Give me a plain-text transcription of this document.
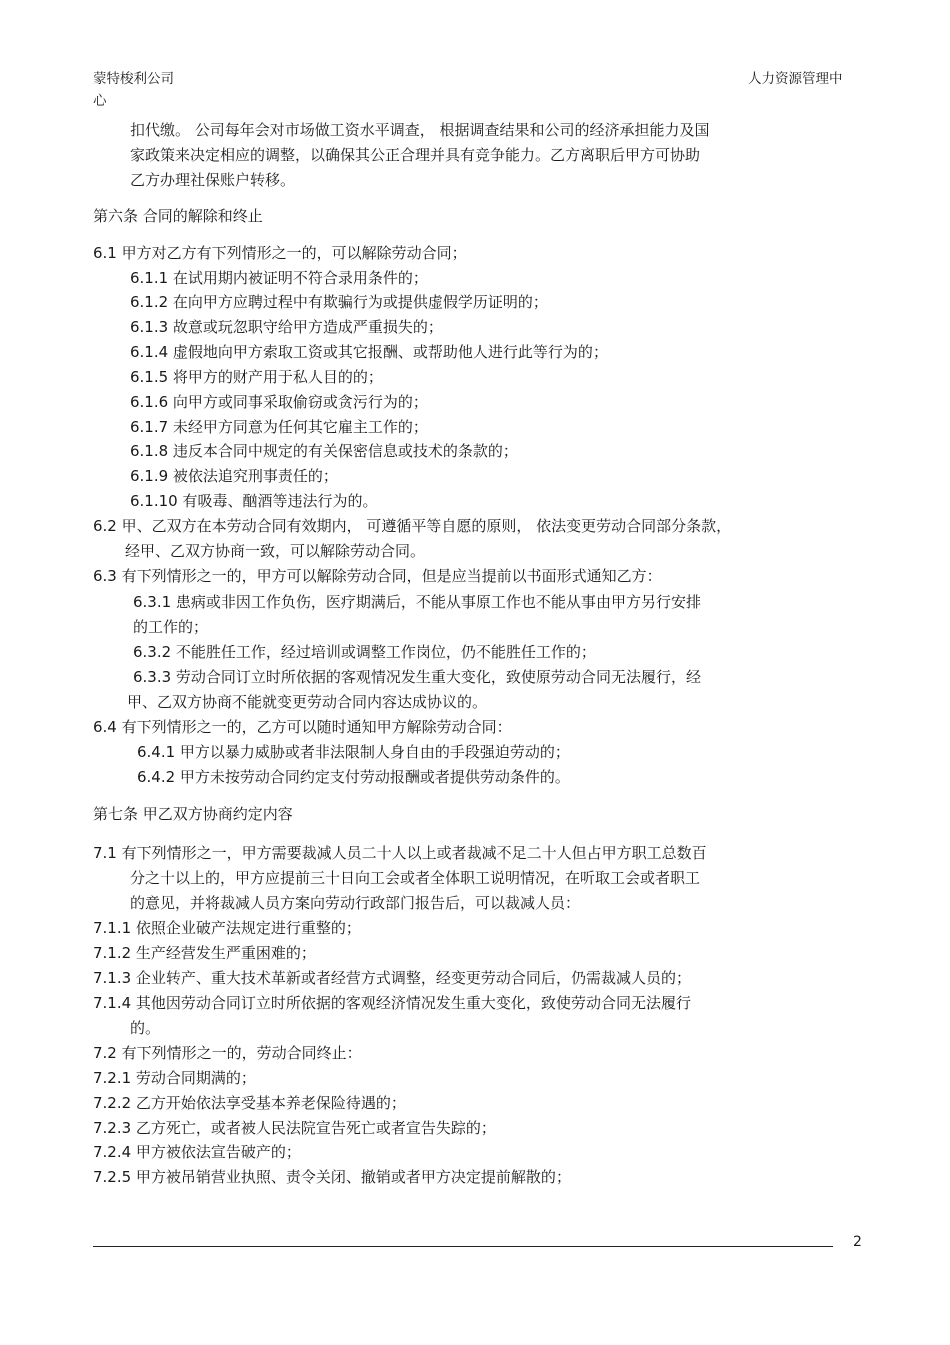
蒙特梭利公司
心
人力资源管理中
扣代缴。 公司每年会对市场做工资水平调查， 根据调查结果和公司的经济承担能力及国
家政策来决定相应的调整，以确保其公正合理并具有竞争能力。乙方离职后甲方可协助
乙方办理社保账户转移。
第六条 合同的解除和终止
6.1 甲方对乙方有下列情形之一的，可以解除劳动合同；
6.1.1 在试用期内被证明不符合录用条件的；
6.1.2 在向甲方应聘过程中有欺骗行为或提供虚假学历证明的；
6.1.3 故意或玩忽职守给甲方造成严重损失的；
6.1.4 虚假地向甲方索取工资或其它报酬、或帮助他人进行此等行为的；
6.1.5 将甲方的财产用于私人目的的；
6.1.6 向甲方或同事采取偷窃或贪污行为的；
6.1.7 未经甲方同意为任何其它雇主工作的；
6.1.8 违反本合同中规定的有关保密信息或技术的条款的；
6.1.9 被依法追究刑事责任的；
6.1.10 有吸毒、酗酒等违法行为的。
6.2 甲、乙双方在本劳动合同有效期内， 可遵循平等自愿的原则， 依法变更劳动合同部分条款，
经甲、乙双方协商一致，可以解除劳动合同。
6.3 有下列情形之一的，甲方可以解除劳动合同，但是应当提前以书面形式通知乙方：
6.3.1 患病或非因工作负伤，医疗期满后，不能从事原工作也不能从事由甲方另行安排
的工作的；
6.3.2 不能胜任工作，经过培训或调整工作岗位，仍不能胜任工作的；
6.3.3 劳动合同订立时所依据的客观情况发生重大变化，致使原劳动合同无法履行，经
甲、乙双方协商不能就变更劳动合同内容达成协议的。
6.4 有下列情形之一的，乙方可以随时通知甲方解除劳动合同：
6.4.1 甲方以暴力威胁或者非法限制人身自由的手段强迫劳动的；
6.4.2 甲方未按劳动合同约定支付劳动报酬或者提供劳动条件的。
第七条 甲乙双方协商约定内容
7.1 有下列情形之一，甲方需要裁减人员二十人以上或者裁减不足二十人但占甲方职工总数百
分之十以上的，甲方应提前三十日向工会或者全体职工说明情况，在听取工会或者职工
的意见，并将裁减人员方案向劳动行政部门报告后，可以裁减人员：
7.1.1 依照企业破产法规定进行重整的；
7.1.2 生产经营发生严重困难的；
7.1.3 企业转产、重大技术革新或者经营方式调整，经变更劳动合同后，仍需裁减人员的；
7.1.4 其他因劳动合同订立时所依据的客观经济情况发生重大变化，致使劳动合同无法履行
的。
7.2 有下列情形之一的，劳动合同终止：
7.2.1 劳动合同期满的；
7.2.2 乙方开始依法享受基本养老保险待遇的；
7.2.3 乙方死亡，或者被人民法院宣告死亡或者宣告失踪的；
7.2.4 甲方被依法宣告破产的；
7.2.5 甲方被吊销营业执照、责令关闭、撤销或者甲方决定提前解散的；
2
